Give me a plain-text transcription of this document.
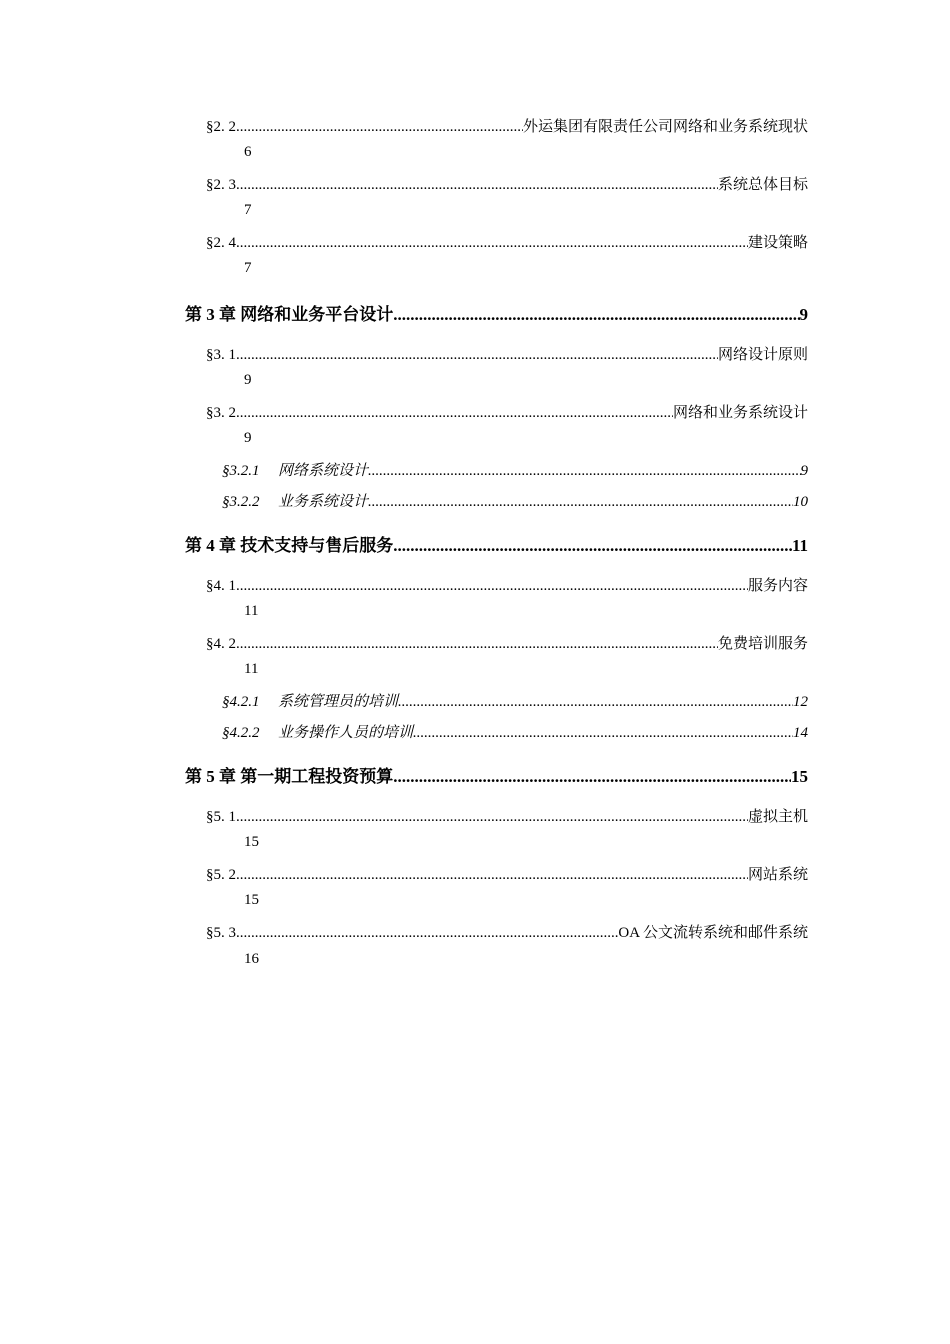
§2. 2 .....	外运集团有限责任公司网络和业务系统现状
6
§2. 3 .....	系统总体目标
7
§2. 4 .....	建设策略
7
第 3 章 网络和业务平台设计 .....	9
§3. 1 .....	网络设计原则
9
§3. 2 .....	网络和业务系统设计
9
§3.2.1	网络系统设计 .....	9
§3.2.2	业务系统设计 .....	10
第 4 章 技术支持与售后服务 .....	11
§4. 1 .....	服务内容
11
§4. 2 .....	免费培训服务
11
§4.2.1	系统管理员的培训 .....	12
§4.2.2	业务操作人员的培训 .....	14
第 5 章 第一期工程投资预算 .....	15
§5. 1 .....	虚拟主机
15
§5. 2 .....	网站系统
15
§5. 3 .....	OA 公文流转系统和邮件系统
16
